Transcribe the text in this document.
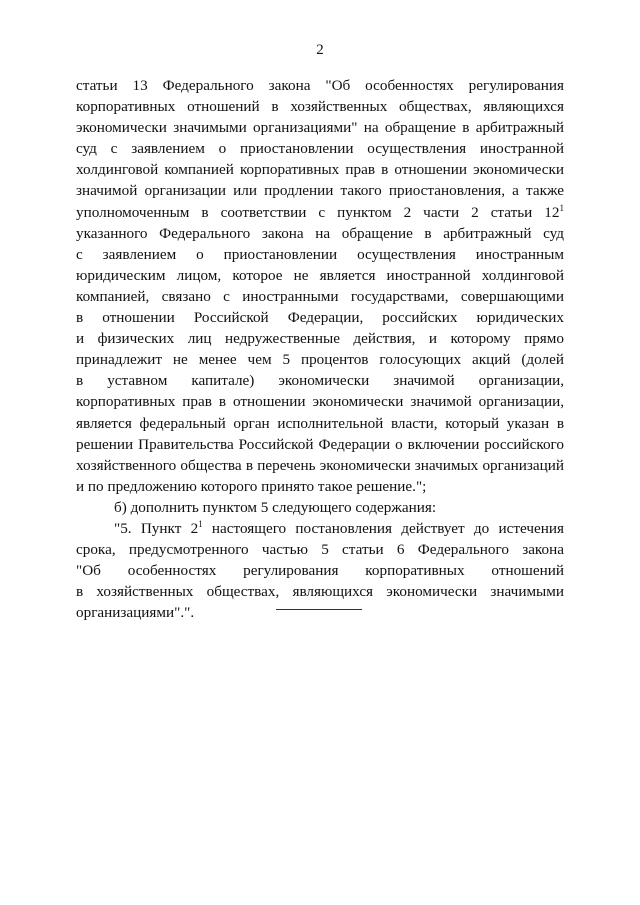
2
статьи 13 Федерального закона "Об особенностях регулирования
корпоративных отношений в хозяйственных обществах, являющихся
экономически значимыми организациями" на обращение в арбитражный
суд с заявлением о приостановлении осуществления иностранной
холдинговой компанией корпоративных прав в отношении экономически
значимой организации или продлении такого приостановления, а также
уполномоченным в соответствии с пунктом 2 части 2 статьи $12^1$
указанного Федерального закона на обращение в арбитражный суд
с заявлением о приостановлении осуществления иностранным
юридическим лицом, которое не является иностранной холдинговой
компанией, связано с иностранными государствами, совершающими
в отношении Российской Федерации, российских юридических
и физических лиц недружественные действия, и которому прямо
принадлежит не менее чем 5 процентов голосующих акций (долей
в уставном капитале) экономически значимой организации,
корпоративных прав в отношении экономически значимой организации,
является федеральный орган исполнительной власти, который указан в
решении Правительства Российской Федерации о включении российского
хозяйственного общества в перечень экономически значимых организаций
и по предложению которого принято такое решение.";
б) дополнить пунктом 5 следующего содержания:
"5. Пункт $2^1$ настоящего постановления действует до истечения
срока, предусмотренного частью 5 статьи 6 Федерального закона
"Об особенностях регулирования корпоративных отношений
в хозяйственных обществах, являющихся экономически значимыми
организациями".".
